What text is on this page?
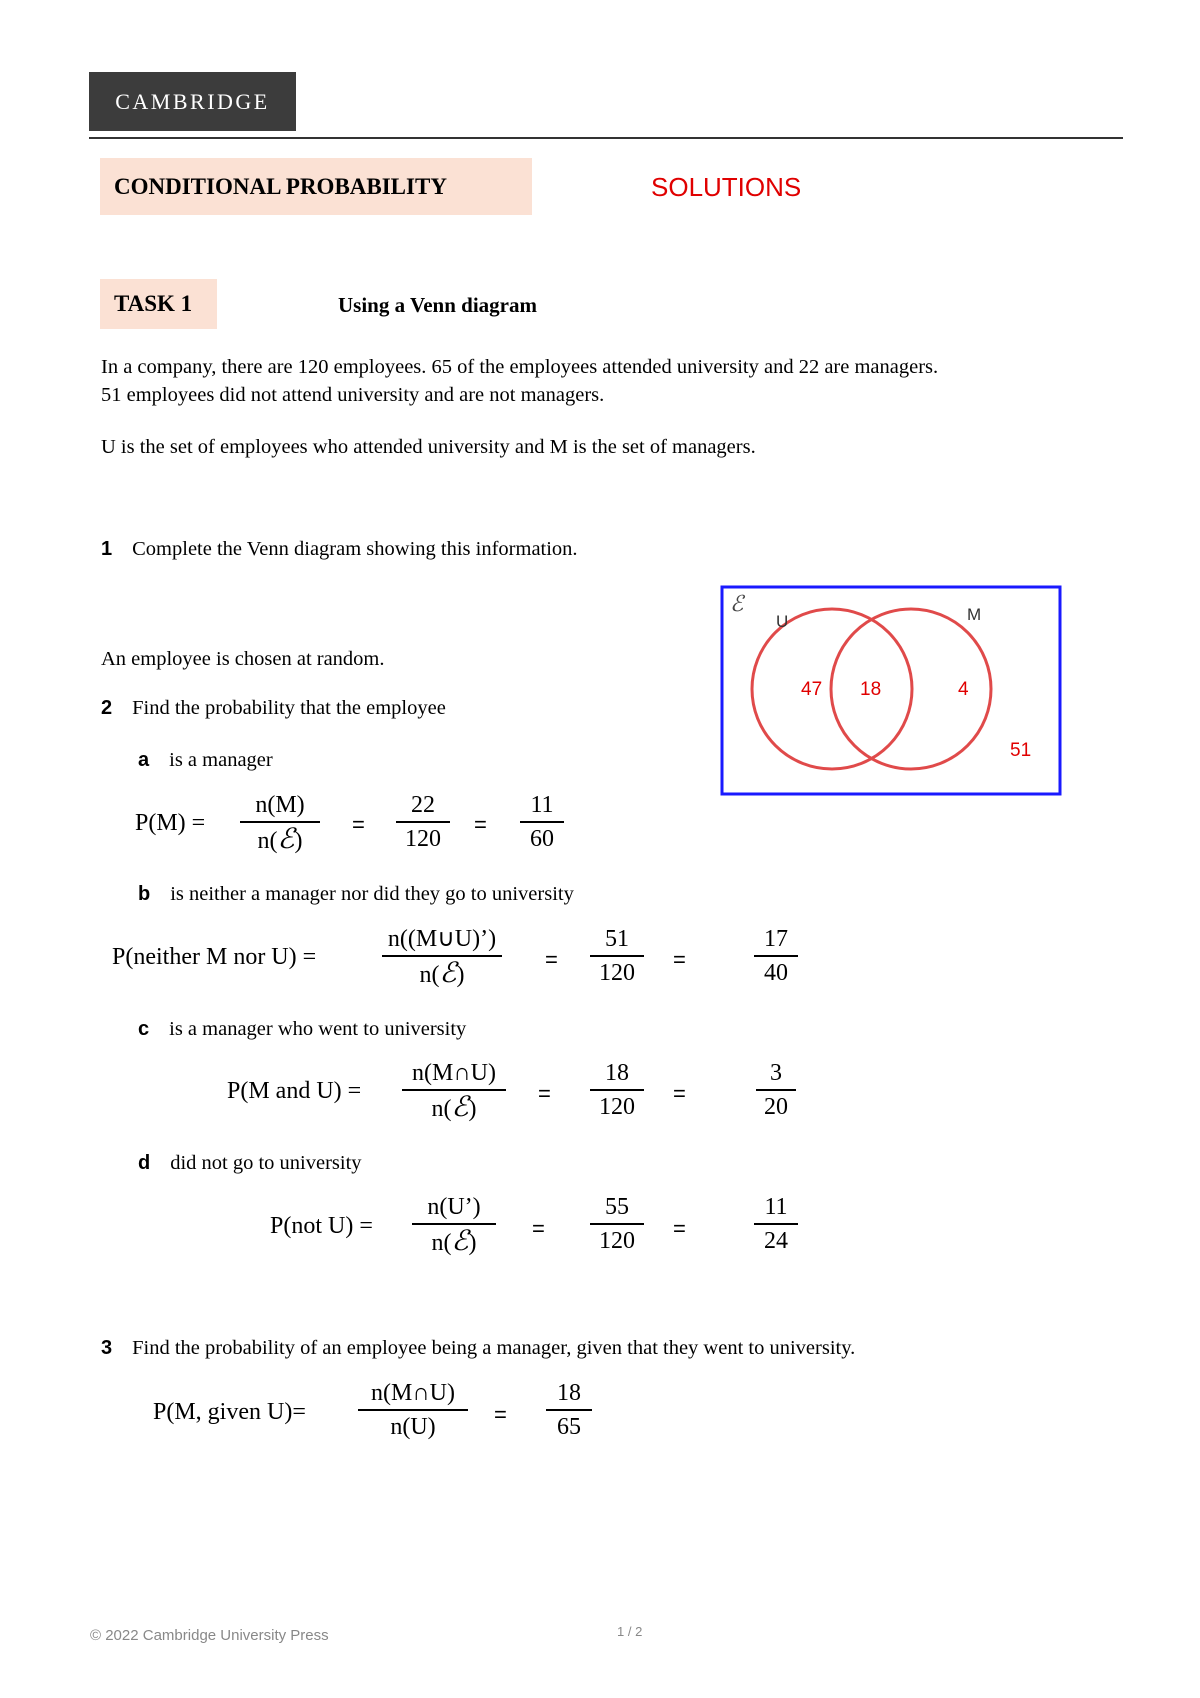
CAMBRIDGE
CONDITIONAL PROBABILITY	SOLUTIONS
TASK 1	Using a Venn diagram
In a company, there are 120 employees. 65 of the employees attended university and 22 are managers.
51 employees did not attend university and are not managers.
U is the set of employees who attended university and M is the set of managers.
1 Complete the Venn diagram showing this information.
ℰ
U	M
47 18	4
51
An employee is chosen at random.
2 Find the probability that the employee
a is a manager
P(M) =
n(M)
n(ℰ)
= $\frac{22}{120} = \frac{11}{60}$
b is neither a manager nor did they go to university
P(neither M nor U) =
n((M∪U)’)
n(ℰ)
= $\frac{51}{120}$ =	$\frac{17}{40}$
c is a manager who went to university
P(M and U) =
n(M∩U)
n(ℰ)
= $\frac{18}{120}$ =	$\frac{3}{20}$
d did not go to university
P(not U) =
n(U’)
n(ℰ)
= $\frac{55}{120}$ =	$\frac{11}{24}$
3 Find the probability of an employee being a manager, given that they went to university.
P(M, given $U)= \frac{n(M\cap U)}{n(U)} = \frac{18}{65}$
© 2022 Cambridge University Press	1 / 2
